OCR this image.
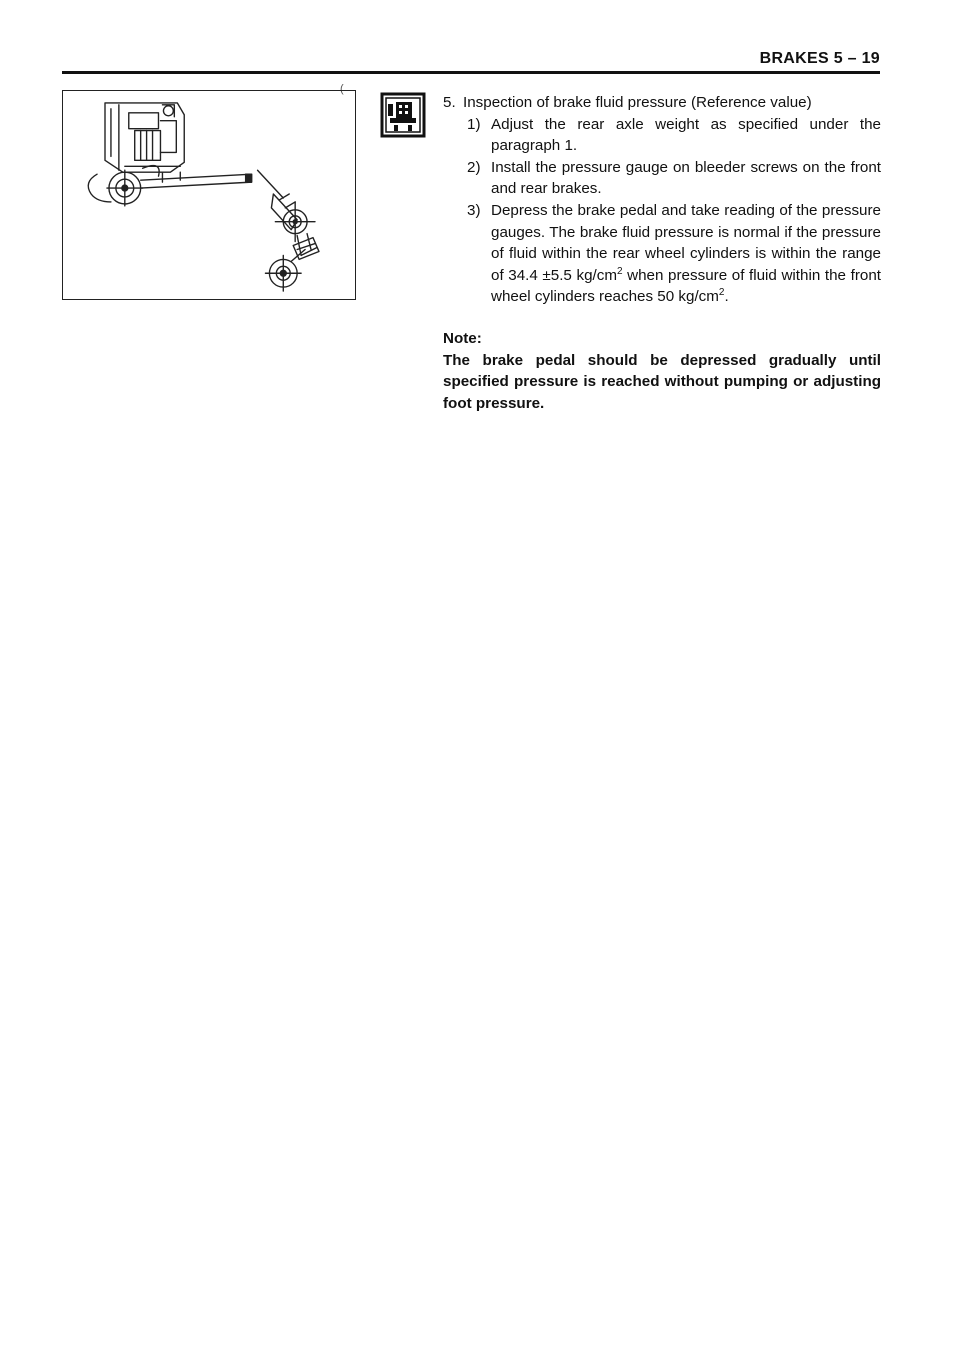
BRAKES 5 – 19
(
5. Inspection of brake fluid pressure (Reference value)
1) Adjust the rear axle weight as specified under the paragraph 1.
2) Install the pressure gauge on bleeder screws on the front and rear brakes.
3) Depress the brake pedal and take reading of the pressure gauges. The brake fluid pressure is normal if the pressure of fluid within the rear wheel cylinders is within the range of 34.4 ±5.5 $kg/cm^2$ when pressure of fluid within the front wheel cylinders reaches 50 $kg/cm^2$.
Note:
The brake pedal should be depressed gradually until specified pressure is reached without pumping or adjusting foot pressure.
